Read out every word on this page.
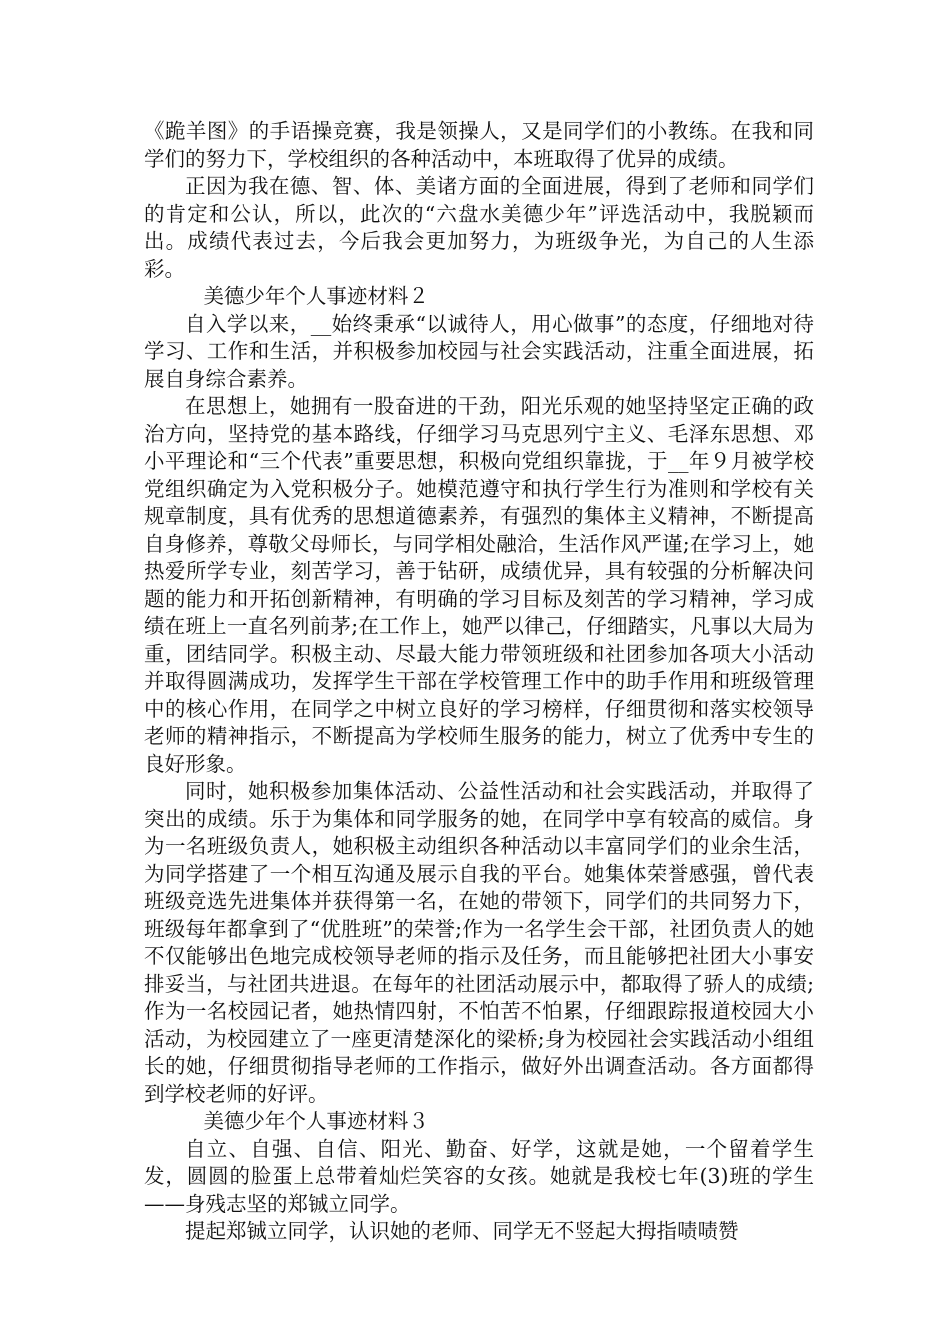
《跪羊图》的手语操竞赛，我是领操人，又是同学们的小教练。在我和同学们的努力下，学校组织的各种活动中，本班取得了优异的成绩。

正因为我在德、智、体、美诸方面的全面进展，得到了老师和同学们的肯定和公认，所以，此次的“六盘水美德少年”评选活动中，我脱颖而出。成绩代表过去，今后我会更加努力，为班级争光，为自己的人生添彩。

美德少年个人事迹材料２

自入学以来，__始终秉承“以诚待人，用心做事”的态度，仔细地对待学习、工作和生活，并积极参加校园与社会实践活动，注重全面进展，拓展自身综合素养。

在思想上，她拥有一股奋进的干劲，阳光乐观的她坚持坚定正确的政治方向，坚持党的基本路线，仔细学习马克思列宁主义、毛泽东思想、邓小平理论和“三个代表”重要思想，积极向党组织靠拢，于__年９月被学校党组织确定为入党积极分子。她模范遵守和执行学生行为准则和学校有关规章制度，具有优秀的思想道德素养，有强烈的集体主义精神，不断提高自身修养，尊敬父母师长，与同学相处融洽，生活作风严谨;在学习上，她热爱所学专业，刻苦学习，善于钻研，成绩优异，具有较强的分析解决问题的能力和开拓创新精神，有明确的学习目标及刻苦的学习精神，学习成绩在班上一直名列前茅;在工作上，她严以律己，仔细踏实，凡事以大局为重，团结同学。积极主动、尽最大能力带领班级和社团参加各项大小活动并取得圆满成功，发挥学生干部在学校管理工作中的助手作用和班级管理中的核心作用，在同学之中树立良好的学习榜样，仔细贯彻和落实校领导老师的精神指示，不断提高为学校师生服务的能力，树立了优秀中专生的良好形象。

同时，她积极参加集体活动、公益性活动和社会实践活动，并取得了突出的成绩。乐于为集体和同学服务的她，在同学中享有较高的威信。身为一名班级负责人，她积极主动组织各种活动以丰富同学们的业余生活，为同学搭建了一个相互沟通及展示自我的平台。她集体荣誉感强，曾代表班级竞选先进集体并获得第一名，在她的带领下，同学们的共同努力下，班级每年都拿到了“优胜班”的荣誉;作为一名学生会干部，社团负责人的她不仅能够出色地完成校领导老师的指示及任务，而且能够把社团大小事安排妥当，与社团共进退。在每年的社团活动展示中，都取得了骄人的成绩;作为一名校园记者，她热情四射，不怕苦不怕累，仔细跟踪报道校园大小活动，为校园建立了一座更清楚深化的梁桥;身为校园社会实践活动小组组长的她，仔细贯彻指导老师的工作指示，做好外出调查活动。各方面都得到学校老师的好评。

美德少年个人事迹材料３

自立、自强、自信、阳光、勤奋、好学，这就是她，一个留着学生发，圆圆的脸蛋上总带着灿烂笑容的女孩。她就是我校七年(3)班的学生——身残志坚的郑铖立同学。

提起郑铖立同学，认识她的老师、同学无不竖起大拇指啧啧赞
